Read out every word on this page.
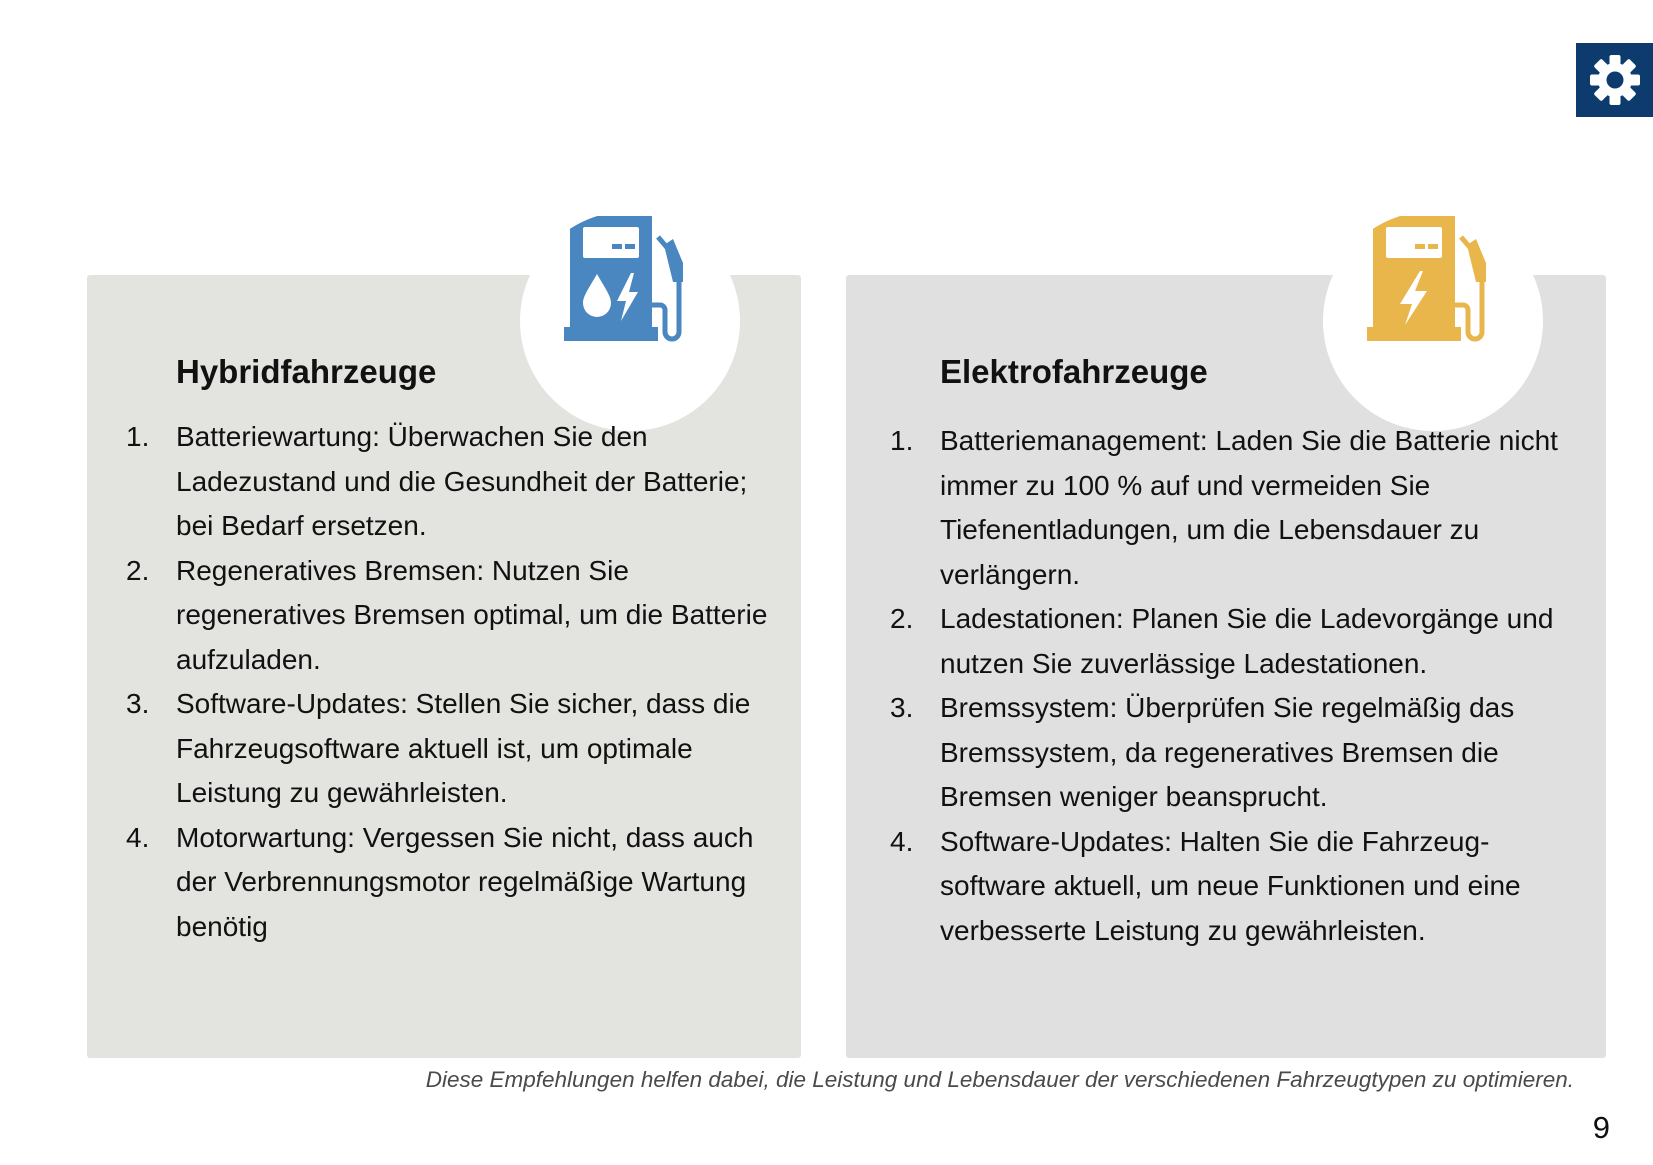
Hybridfahrzeuge
1. Batteriewartung: Überwachen Sie den Ladezustand und die Gesundheit der Batterie; bei Bedarf ersetzen.
2. Regeneratives Bremsen: Nutzen Sie regeneratives Bremsen optimal, um die Batterie aufzuladen.
3. Software-Updates: Stellen Sie sicher, dass die Fahrzeugsoftware aktuell ist, um optimale Leistung zu gewährleisten.
4. Motorwartung: Vergessen Sie nicht, dass auch der Verbrennungsmotor regelmäßige Wartung benötig
Elektrofahrzeuge
1. Batteriemanagement: Laden Sie die Batterie nicht immer zu 100 % auf und vermeiden Sie Tiefenentladungen, um die Lebensdauer zu verlängern.
2. Ladestationen: Planen Sie die Ladevorgänge und nutzen Sie zuverlässige Ladestationen.
3. Bremssystem: Überprüfen Sie regelmäßig das Bremssystem, da regeneratives Bremsen die Bremsen weniger beansprucht.
4. Software-Updates: Halten Sie die Fahrzeugsoftware aktuell, um neue Funktionen und eine verbesserte Leistung zu gewährleisten.

Diese Empfehlungen helfen dabei, die Leistung und Lebensdauer der verschiedenen Fahrzeugtypen zu optimieren.

9
